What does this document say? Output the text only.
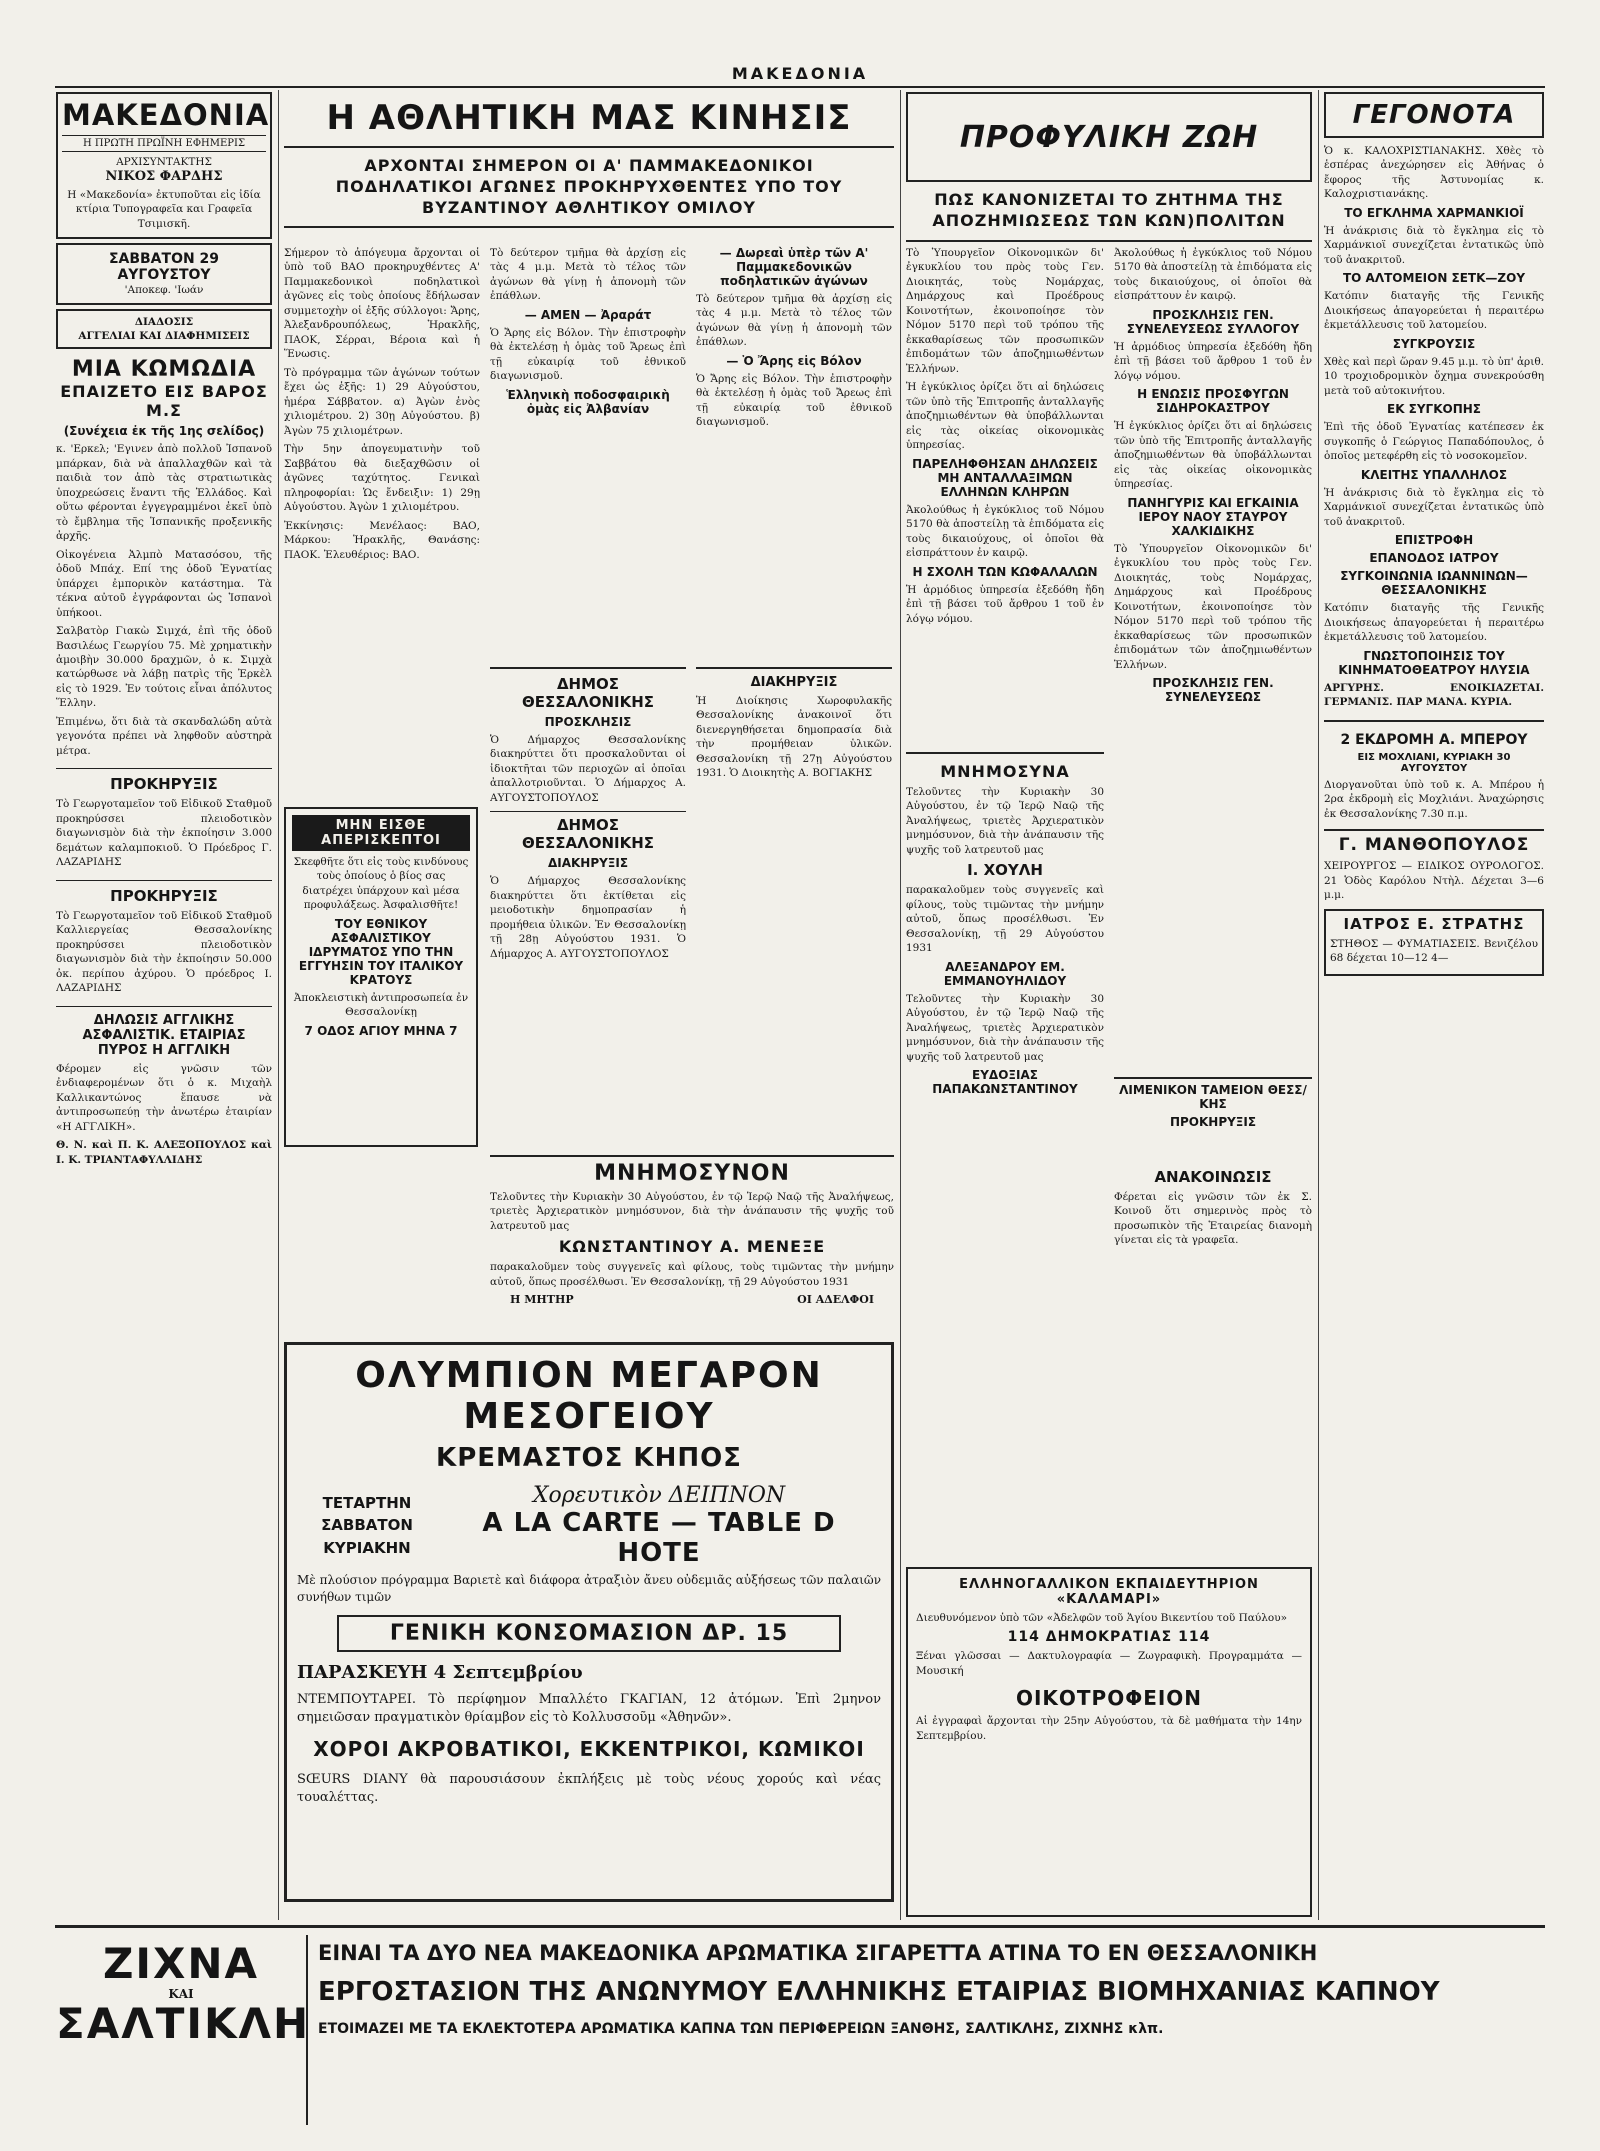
ΜΑΚΕΔΟΝΙΑ
ΜΑΚΕΔΟΝΙΑ
Η ΠΡΩΤΗ ΠΡΩΪΝΗ ΕΦΗΜΕΡΙΣ
ΑΡΧΙΣΥΝΤΑΚΤΗΣ
ΝΙΚΟΣ ΦΑΡΔΗΣ
Η «Μακεδονία» ἐκτυποῦται εἰς ἰδία κτίρια Τυπογραφεῖα και Γραφεῖα Τσιμισκῆ.
ΣΑΒΒΑΤΟΝ 29 ΑΥΓΟΥΣΤΟΥ
'Αποκεφ. 'Ιωάν
ΔΙΑΔΟΣΙΣ
ΑΓΓΕΛΙΑΙ ΚΑΙ ΔΙΑΦΗΜΙΣΕΙΣ
ΜΙΑ ΚΩΜΩΔΙΑ
ΕΠΑΙΖΕΤΟ ΕΙΣ ΒΑΡΟΣ Μ.Σ
(Συνέχεια ἐκ τῆς 1ης σελίδος)

κ. 'Ερκελ; 'Εγινεν ἀπὸ πολλοῦ Ἰσπανοῦ μπάρκαν, διὰ νὰ ἀπαλλαχθῶν καὶ τὰ παιδιὰ τον ἀπὸ τὰς στρατιωτικὰς ὑποχρεώσεις ἔναντι τῆς Ἑλλάδος. Καὶ οὕτω φέρονται ἐγγεγραμμένοι ἐκεῖ ὑπὸ τὸ ἔμβλημα τῆς Ἱσπανικῆς προξενικῆς ἀρχῆς.

Οἰκογένεια Ἀλμπὸ Ματασόσου, τῆς ὁδοῦ Μπάχ. Επί της ὁδοῦ Ἐγνατίας ὑπάρχει ἐμπορικὸν κατάστημα. Τὰ τέκνα αὐτοῦ ἐγγράφονται ὡς Ἱσπανοὶ ὑπήκοοι.

Σαλβατὸρ Γιακὼ Σιμχά, ἐπὶ τῆς ὁδοῦ Βασιλέως Γεωργίου 75. Μὲ χρηματικὴν ἀμοιβὴν 30.000 δραχμῶν, ὁ κ. Σιμχὰ κατώρθωσε νὰ λάβῃ πατρὶς τῆς Ἐρκὲλ εἰς τὸ 1929. Ἐν τούτοις εἶναι ἀπόλυτος Ἕλλην.

Ἐπιμένω, ὅτι διὰ τὰ σκανδαλώδη αὐτὰ γεγονότα πρέπει νὰ ληφθοῦν αὐστηρὰ μέτρα.

ΠΡΟΚΗΡΥΞΙΣ

Τὸ Γεωργοταμεῖον τοῦ Εἰδικοῦ Σταθμοῦ προκηρύσσει πλειοδοτικὸν διαγωνισμὸν διὰ τὴν ἐκποίησιν 3.000 δεμάτων καλαμποκιοῦ. Ὁ Πρόεδρος Γ. ΛΑΖΑΡΙΔΗΣ

ΠΡΟΚΗΡΥΞΙΣ

Τὸ Γεωργοταμεῖον τοῦ Εἰδικοῦ Σταθμοῦ Καλλιεργείας Θεσσαλονίκης προκηρύσσει πλειοδοτικὸν διαγωνισμὸν διὰ τὴν ἐκποίησιν 50.000 ὀκ. περίπου ἀχύρου. Ὁ πρόεδρος Ι. ΛΑΖΑΡΙΔΗΣ

ΔΗΛΩΣΙΣ ΑΓΓΛΙΚΗΣ ΑΣΦΑΛΙΣΤΙΚ. ΕΤΑΙΡΙΑΣ ΠΥΡΟΣ Η ΑΓΓΛΙΚΗ

Φέρομεν εἰς γνῶσιν τῶν ἐνδιαφερομένων ὅτι ὁ κ. Μιχαὴλ Καλλικαντώνος ἔπαυσε νὰ ἀντιπροσωπεύῃ τὴν ἀνωτέρω ἑταιρίαν «Η ΑΓΓΛΙΚΗ».

Θ. Ν. καὶ Π. Κ. ΑΛΕΞΟΠΟΥΛΟΣ καὶ Ι. Κ. ΤΡΙΑΝΤΑΦΥΛΛΙΔΗΣ

Η ΑΘΛΗΤΙΚΗ ΜΑΣ ΚΙΝΗΣΙΣ
ΑΡΧΟΝΤΑΙ ΣΗΜΕΡΟΝ ΟΙ Α' ΠΑΜΜΑΚΕΔΟΝΙΚΟΙ ΠΟΔΗΛΑΤΙΚΟΙ ΑΓΩΝΕΣ ΠΡΟΚΗΡΥΧΘΕΝΤΕΣ ΥΠΟ ΤΟΥ ΒΥΖΑΝΤΙΝΟΥ ΑΘΛΗΤΙΚΟΥ ΟΜΙΛΟΥ

Σήμερον τὸ ἀπόγευμα ἄρχονται οἱ ὑπὸ τοῦ ΒΑΟ προκηρυχθέντες Α' Παμμακεδονικοὶ ποδηλατικοὶ ἀγῶνες εἰς τοὺς ὁποίους ἔδήλωσαν συμμετοχὴν οἱ ἐξῆς σύλλογοι: Ἄρης, Ἀλεξανδρουπόλεως, Ἡρακλῆς, ΠΑΟΚ, Σέρραι, Βέροια καὶ ἡ Ἕνωσις.

Τὸ πρόγραμμα τῶν ἀγώνων τούτων ἔχει ὡς ἑξῆς: 1) 29 Αὐγούστου, ἡμέρα Σάββατον. α) Ἀγὼν ἑνὸς χιλιομέτρου. 2) 30ῃ Αὐγούστου. β) Ἀγὼν 75 χιλιομέτρων.

Τὴν 5ην ἀπογευματινὴν τοῦ Σαββάτου θὰ διεξαχθῶσιν οἱ ἀγῶνες ταχύτητος. Γενικαὶ πληροφορίαι: Ὡς ἔνδειξιν: 1) 29ῃ Αὐγούστου. Ἀγὼν 1 χιλιομέτρου.

Ἐκκίνησις: Μενέλαος: ΒΑΟ, Μάρκου: Ἡρακλῆς, Θανάσης: ΠΑΟΚ. Ἐλευθέριος: ΒΑΟ.

Τὸ δεύτερον τμῆμα θὰ ἀρχίσῃ εἰς τὰς 4 μ.μ. Μετὰ τὸ τέλος τῶν ἀγώνων θὰ γίνῃ ἡ ἀπονομὴ τῶν ἐπάθλων.

— ΑΜΕΝ — Ἀραράτ

Ὁ Ἄρης εἰς Βόλον. Τὴν ἐπιστροφὴν θὰ ἐκτελέσῃ ἡ ὁμὰς τοῦ Ἄρεως ἐπὶ τῇ εὐκαιρίᾳ τοῦ ἐθνικοῦ διαγωνισμοῦ.

Ἑλληνικὴ ποδοσφαιρικὴ ὁμὰς εἰς Ἀλβανίαν
— Δωρεαὶ ὑπὲρ τῶν Α' Παμμακεδονικῶν ποδηλατικῶν ἀγώνων

Τὸ δεύτερον τμῆμα θὰ ἀρχίσῃ εἰς τὰς 4 μ.μ. Μετὰ τὸ τέλος τῶν ἀγώνων θὰ γίνῃ ἡ ἀπονομὴ τῶν ἐπάθλων.

— Ὁ Ἄρης εἰς Βόλον

Ὁ Ἄρης εἰς Βόλον. Τὴν ἐπιστροφὴν θὰ ἐκτελέσῃ ἡ ὁμὰς τοῦ Ἄρεως ἐπὶ τῇ εὐκαιρίᾳ τοῦ ἐθνικοῦ διαγωνισμοῦ.

ΔΗΜΟΣ ΘΕΣΣΑΛΟΝΙΚΗΣ
ΠΡΟΣΚΛΗΣΙΣ

Ὁ Δήμαρχος Θεσσαλονίκης διακηρύττει ὅτι προσκαλοῦνται οἱ ἰδιοκτῆται τῶν περιοχῶν αἱ ὁποῖαι ἀπαλλοτριοῦνται. Ὁ Δήμαρχος Α. ΑΥΓΟΥΣΤΟΠΟΥΛΟΣ

ΔΗΜΟΣ ΘΕΣΣΑΛΟΝΙΚΗΣ
ΔΙΑΚΗΡΥΞΙΣ

Ὁ Δήμαρχος Θεσσαλονίκης διακηρύττει ὅτι ἐκτίθεται εἰς μειοδοτικὴν δημοπρασίαν ἡ προμήθεια ὑλικῶν. Ἐν Θεσσαλονίκῃ τῇ 28ῃ Αὐγούστου 1931. Ὁ Δήμαρχος Α. ΑΥΓΟΥΣΤΟΠΟΥΛΟΣ

ΔΙΑΚΗΡΥΞΙΣ

Ἡ Διοίκησις Χωροφυλακῆς Θεσσαλονίκης ἀνακοινοῖ ὅτι διενεργηθήσεται δημοπρασία διὰ τὴν προμήθειαν ὑλικῶν. Θεσσαλονίκη τῇ 27ῃ Αὐγούστου 1931. Ὁ Διοικητὴς Α. ΒΟΓΙΑΚΗΣ

ΜΗΝ ΕΙΣΘΕ ΑΠΕΡΙΣΚΕΠΤΟΙ

Σκεφθῆτε ὅτι εἰς τοὺς κινδύνους τοὺς ὁποίους ὁ βίος σας διατρέχει ὑπάρχουν καὶ μέσα προφυλάξεως. Ἀσφαλισθῆτε!

ΤΟΥ ΕΘΝΙΚΟΥ ΑΣΦΑΛΙΣΤΙΚΟΥ ΙΔΡΥΜΑΤΟΣ ΥΠΟ ΤΗΝ ΕΓΓΥΗΣΙΝ ΤΟΥ ΙΤΑΛΙΚΟΥ ΚΡΑΤΟΥΣ

Ἀποκλειστικὴ ἀντιπροσωπεία ἐν Θεσσαλονίκῃ

7 ΟΔΟΣ ΑΓΙΟΥ ΜΗΝΑ 7
ΜΝΗΜΟΣΥΝΟΝ

Τελοῦντες τὴν Κυριακὴν 30 Αὐγούστου, ἐν τῷ Ἱερῷ Ναῷ τῆς Ἀναλήψεως, τριετὲς Ἀρχιερατικὸν μνημόσυνον, διὰ τὴν ἀνάπαυσιν τῆς ψυχῆς τοῦ λατρευτοῦ μας

ΚΩΝΣΤΑΝΤΙΝΟΥ Α. ΜΕΝΕΞΕ

παρακαλοῦμεν τοὺς συγγενεῖς καὶ φίλους, τοὺς τιμῶντας τὴν μνήμην αὐτοῦ, ὅπως προσέλθωσι. Ἐν Θεσσαλονίκῃ, τῇ 29 Αὐγούστου 1931

Η ΜΗΤΗΡ	ΟΙ ΑΔΕΛΦΟΙ
ΟΛΥΜΠΙΟΝ ΜΕΓΑΡΟΝ ΜΕΣΟΓΕΙΟΥ
ΚΡΕΜΑΣΤΟΣ ΚΗΠΟΣ
ΤΕΤΑΡΤΗΝ
ΣΑΒΒΑΤΟΝ
ΚΥΡΙΑΚΗΝ
Χορευτικὸν ΔΕΙΠΝΟΝ
A LA CARTE — TABLE D HOTE

Μὲ πλούσιον πρόγραμμα Βαριετὲ καὶ διάφορα ἀτραξιὸν ἄνευ οὐδεμιᾶς αὐξήσεως τῶν παλαιῶν συνήθων τιμῶν

ΓΕΝΙΚΗ ΚΟΝΣΟΜΑΣΙΟΝ ΔΡ. 15
ΠΑΡΑΣΚΕΥΗ 4 Σεπτεμβρίου

ΝΤΕΜΠΟΥΤΑΡΕΙ. Τὸ περίφημον Μπαλλέτο ΓΚΑΓΙΑΝ, 12 ἀτόμων. Ἐπὶ 2μηνον σημειῶσαν πραγματικὸν θρίαμβον εἰς τὸ Κολλυσσοῦμ «Ἀθηνῶν».

ΧΟΡΟΙ ΑΚΡΟΒΑΤΙΚΟΙ, ΕΚΚΕΝΤΡΙΚΟΙ, ΚΩΜΙΚΟΙ

SŒURS DIANY θὰ παρουσιάσουν ἐκπλήξεις μὲ τοὺς νέους χορούς καὶ νέας τουαλέττας.

ΠΡΟΦΥΛΙΚΗ ΖΩΗ
ΠΩΣ ΚΑΝΟΝΙΖΕΤΑΙ ΤΟ ΖΗΤΗΜΑ ΤΗΣ ΑΠΟΖΗΜΙΩΣΕΩΣ ΤΩΝ ΚΩΝ)ΠΟΛΙΤΩΝ

Τὸ Ὑπουργεῖον Οἰκονομικῶν δι' ἐγκυκλίου του πρὸς τοὺς Γεν. Διοικητάς, τοὺς Νομάρχας, Δημάρχους καὶ Προέδρους Κοινοτήτων, ἐκοινοποίησε τὸν Νόμον 5170 περὶ τοῦ τρόπου τῆς ἐκκαθαρίσεως τῶν προσωπικῶν ἐπιδομάτων τῶν ἀποζημιωθέντων Ἑλλήνων.

Ἡ ἐγκύκλιος ὁρίζει ὅτι αἱ δηλώσεις τῶν ὑπὸ τῆς Ἐπιτροπῆς ἀνταλλαγῆς ἀποζημιωθέντων θὰ ὑποβάλλωνται εἰς τὰς οἰκείας οἰκονομικὰς ὑπηρεσίας.

ΠΑΡΕΛΗΦΘΗΣΑΝ ΔΗΛΩΣΕΙΣ ΜΗ ΑΝΤΑΛΛΑΞΙΜΩΝ ΕΛΛΗΝΩΝ ΚΛΗΡΩΝ

Ἀκολούθως ἡ ἐγκύκλιος τοῦ Νόμου 5170 θὰ ἀποστείλῃ τὰ ἐπιδόματα εἰς τοὺς δικαιούχους, οἱ ὁποῖοι θὰ εἰσπράττουν ἐν καιρῷ.

Η ΣΧΟΛΗ ΤΩΝ ΚΩΦΑΛΑΛΩΝ

Ἡ ἀρμόδιος ὑπηρεσία ἐξεδόθη ἤδη ἐπὶ τῇ βάσει τοῦ ἄρθρου 1 τοῦ ἐν λόγῳ νόμου.

Ἀκολούθως ἡ ἐγκύκλιος τοῦ Νόμου 5170 θὰ ἀποστείλῃ τὰ ἐπιδόματα εἰς τοὺς δικαιούχους, οἱ ὁποῖοι θὰ εἰσπράττουν ἐν καιρῷ.

ΠΡΟΣΚΛΗΣΙΣ ΓΕΝ. ΣΥΝΕΛΕΥΣΕΩΣ ΣΥΛΛΟΓΟΥ

Ἡ ἀρμόδιος ὑπηρεσία ἐξεδόθη ἤδη ἐπὶ τῇ βάσει τοῦ ἄρθρου 1 τοῦ ἐν λόγῳ νόμου.

Η ΕΝΩΣΙΣ ΠΡΟΣΦΥΓΩΝ ΣΙΔΗΡΟΚΑΣΤΡΟΥ

Ἡ ἐγκύκλιος ὁρίζει ὅτι αἱ δηλώσεις τῶν ὑπὸ τῆς Ἐπιτροπῆς ἀνταλλαγῆς ἀποζημιωθέντων θὰ ὑποβάλλωνται εἰς τὰς οἰκείας οἰκονομικὰς ὑπηρεσίας.

ΠΑΝΗΓΥΡΙΣ ΚΑΙ ΕΓΚΑΙΝΙΑ ΙΕΡΟΥ ΝΑΟΥ ΣΤΑΥΡΟΥ ΧΑΛΚΙΔΙΚΗΣ

Τὸ Ὑπουργεῖον Οἰκονομικῶν δι' ἐγκυκλίου του πρὸς τοὺς Γεν. Διοικητάς, τοὺς Νομάρχας, Δημάρχους καὶ Προέδρους Κοινοτήτων, ἐκοινοποίησε τὸν Νόμον 5170 περὶ τοῦ τρόπου τῆς ἐκκαθαρίσεως τῶν προσωπικῶν ἐπιδομάτων τῶν ἀποζημιωθέντων Ἑλλήνων.

ΠΡΟΣΚΛΗΣΙΣ ΓΕΝ. ΣΥΝΕΛΕΥΣΕΩΣ
ΜΝΗΜΟΣΥΝΑ

Τελοῦντες τὴν Κυριακὴν 30 Αὐγούστου, ἐν τῷ Ἱερῷ Ναῷ τῆς Ἀναλήψεως, τριετὲς Ἀρχιερατικὸν μνημόσυνον, διὰ τὴν ἀνάπαυσιν τῆς ψυχῆς τοῦ λατρευτοῦ μας

Ι. ΧΟΥΛΗ

παρακαλοῦμεν τοὺς συγγενεῖς καὶ φίλους, τοὺς τιμῶντας τὴν μνήμην αὐτοῦ, ὅπως προσέλθωσι. Ἐν Θεσσαλονίκῃ, τῇ 29 Αὐγούστου 1931

ΑΛΕΞΑΝΔΡΟΥ ΕΜ. ΕΜΜΑΝΟΥΗΛΙΔΟΥ

Τελοῦντες τὴν Κυριακὴν 30 Αὐγούστου, ἐν τῷ Ἱερῷ Ναῷ τῆς Ἀναλήψεως, τριετὲς Ἀρχιερατικὸν μνημόσυνον, διὰ τὴν ἀνάπαυσιν τῆς ψυχῆς τοῦ λατρευτοῦ μας

ΕΥΔΟΞΙΑΣ ΠΑΠΑΚΩΝΣΤΑΝΤΙΝΟΥ	ΛΙΜΕΝΙΚΟΝ ΤΑΜΕΙΟΝ ΘΕΣΣ/ΚΗΣ
ΠΡΟΚΗΡΥΞΙΣ
ΑΝΑΚΟΙΝΩΣΙΣ

Φέρεται εἰς γνῶσιν τῶν ἐκ Σ. Κοινοῦ ὅτι σημερινὸς πρὸς τὸ προσωπικὸν τῆς Ἑταιρείας διανομὴ γίνεται εἰς τὰ γραφεῖα.

ΕΛΛΗΝΟΓΑΛΛΙΚΟΝ ΕΚΠΑΙΔΕΥΤΗΡΙΟΝ «ΚΑΛΑΜΑΡΙ»

Διευθυνόμενον ὑπὸ τῶν «Ἀδελφῶν τοῦ Ἁγίου Βικεντίου τοῦ Παύλου»

114 ΔΗΜΟΚΡΑΤΙΑΣ 114

Ξέναι γλῶσσαι — Δακτυλογραφία — Ζωγραφικὴ. Προγραμμάτα — Μουσική

ΟΙΚΟΤΡΟΦΕΙΟΝ

Αἱ ἐγγραφαὶ ἄρχονται τὴν 25ην Αὐγούστου, τὰ δὲ μαθήματα τὴν 14ην Σεπτεμβρίου.

ΓΕΓΟΝΟΤΑ

Ὁ κ. ΚΑΛΟΧΡΙΣΤΙΑΝΑΚΗΣ. Χθὲς τὸ ἑσπέρας ἀνεχώρησεν εἰς Ἀθήνας ὁ ἔφορος τῆς Ἀστυνομίας κ. Καλοχριστιανάκης.

ΤΟ ΕΓΚΛΗΜΑ ΧΑΡΜΑΝΚΙΟΪ

Ἡ ἀνάκρισις διὰ τὸ ἔγκλημα εἰς τὸ Χαρμάνκιοϊ συνεχίζεται ἐντατικῶς ὑπὸ τοῦ ἀνακριτοῦ.

ΤΟ ΑΛΤΟΜΕΙΟΝ ΣΕΤΚ—ΖΟΥ

Κατόπιν διαταγῆς τῆς Γενικῆς Διοικήσεως ἀπαγορεύεται ἡ περαιτέρω ἐκμετάλλευσις τοῦ λατομείου.

ΣΥΓΚΡΟΥΣΙΣ

Χθὲς καὶ περὶ ὥραν 9.45 μ.μ. τὸ ὑπ' ἀριθ. 10 τροχιοδρομικὸν ὄχημα συνεκρούσθη μετὰ τοῦ αὐτοκινήτου.

ΕΚ ΣΥΓΚΟΠΗΣ

Ἐπὶ τῆς ὁδοῦ Ἐγνατίας κατέπεσεν ἐκ συγκοπῆς ὁ Γεώργιος Παπαδόπουλος, ὁ ὁποῖος μετεφέρθη εἰς τὸ νοσοκομεῖον.

ΚΛΕΙΤΗΣ ΥΠΑΛΛΗΛΟΣ

Ἡ ἀνάκρισις διὰ τὸ ἔγκλημα εἰς τὸ Χαρμάνκιοϊ συνεχίζεται ἐντατικῶς ὑπὸ τοῦ ἀνακριτοῦ.

ΕΠΙΣΤΡΟΦΗ
ΕΠΑΝΟΔΟΣ ΙΑΤΡΟΥ
ΣΥΓΚΟΙΝΩΝΙΑ ΙΩΑΝΝΙΝΩΝ—ΘΕΣΣΑΛΟΝΙΚΗΣ

Κατόπιν διαταγῆς τῆς Γενικῆς Διοικήσεως ἀπαγορεύεται ἡ περαιτέρω ἐκμετάλλευσις τοῦ λατομείου.

ΓΝΩΣΤΟΠΟΙΗΣΙΣ ΤΟΥ ΚΙΝΗΜΑΤΟΘΕΑΤΡΟΥ ΗΛΥΣΙΑ

ΑΡΓΥΡΗΣ. ΕΝΟΙΚΙΑΖΕΤΑΙ. ΓΕΡΜΑΝΙΣ. ΠΑΡ ΜΑΝΑ. ΚΥΡΙΑ.

2 ΕΚΔΡΟΜΗ Α. ΜΠΕΡΟΥ
ΕΙΣ ΜΟΧΛΙΑΝΙ, ΚΥΡΙΑΚΗ 30 ΑΥΓΟΥΣΤΟΥ

Διοργανοῦται ὑπὸ τοῦ κ. Α. Μπέρου ἡ 2ρα ἐκδρομὴ εἰς Μοχλιάνι. Ἀναχώρησις ἐκ Θεσσαλονίκης 7.30 π.μ.

Γ. ΜΑΝΘΟΠΟΥΛΟΣ

ΧΕΙΡΟΥΡΓΟΣ — ΕΙΔΙΚΟΣ ΟΥΡΟΛΟΓΟΣ. 21 Ὁδὸς Καρόλου Ντὴλ. Δέχεται 3—6 μ.μ.

ΙΑΤΡΟΣ Ε. ΣΤΡΑΤΗΣ

ΣΤΗΘΟΣ — ΦΥΜΑΤΙΑΣΕΙΣ. Βενιζέλου 68 δέχεται 10—12 4—

ΖΙΧΝΑ
ΚΑΙ
ΣΑΛΤΙΚΛΗ
ΕΙΝΑΙ ΤΑ ΔΥΟ ΝΕΑ ΜΑΚΕΔΟΝΙΚΑ ΑΡΩΜΑΤΙΚΑ ΣΙΓΑΡΕΤΤΑ ΑΤΙΝΑ ΤΟ ΕΝ ΘΕΣΣΑΛΟΝΙΚΗ
ΕΡΓΟΣΤΑΣΙΟΝ ΤΗΣ ΑΝΩΝΥΜΟΥ ΕΛΛΗΝΙΚΗΣ ΕΤΑΙΡΙΑΣ ΒΙΟΜΗΧΑΝΙΑΣ ΚΑΠΝΟΥ
ΕΤΟΙΜΑΖΕΙ ΜΕ ΤΑ ΕΚΛΕΚΤΟΤΕΡΑ ΑΡΩΜΑΤΙΚΑ ΚΑΠΝΑ ΤΩΝ ΠΕΡΙΦΕΡΕΙΩΝ ΞΑΝΘΗΣ, ΣΑΛΤΙΚΛΗΣ, ΖΙΧΝΗΣ κλπ.
